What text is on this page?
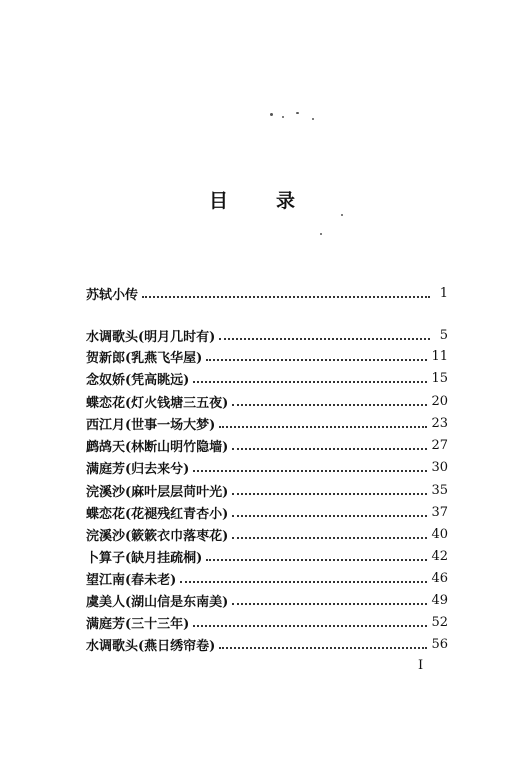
目 录
苏轼小传	1
水调歌头(明月几时有)	5
贺新郎(乳燕飞华屋)	11
念奴娇(凭高眺远)	15
蝶恋花(灯火钱塘三五夜)	20
西江月(世事一场大梦)	23
鹧鸪天(林断山明竹隐墙)	27
满庭芳(归去来兮)	30
浣溪沙(麻叶层层苘叶光)	35
蝶恋花(花褪残红青杏小)	37
浣溪沙(簌簌衣巾落枣花)	40
卜算子(缺月挂疏桐)	42
望江南(春未老)	46
虞美人(湖山信是东南美)	49
满庭芳(三十三年)	52
水调歌头(燕日绣帘卷)	56
I
